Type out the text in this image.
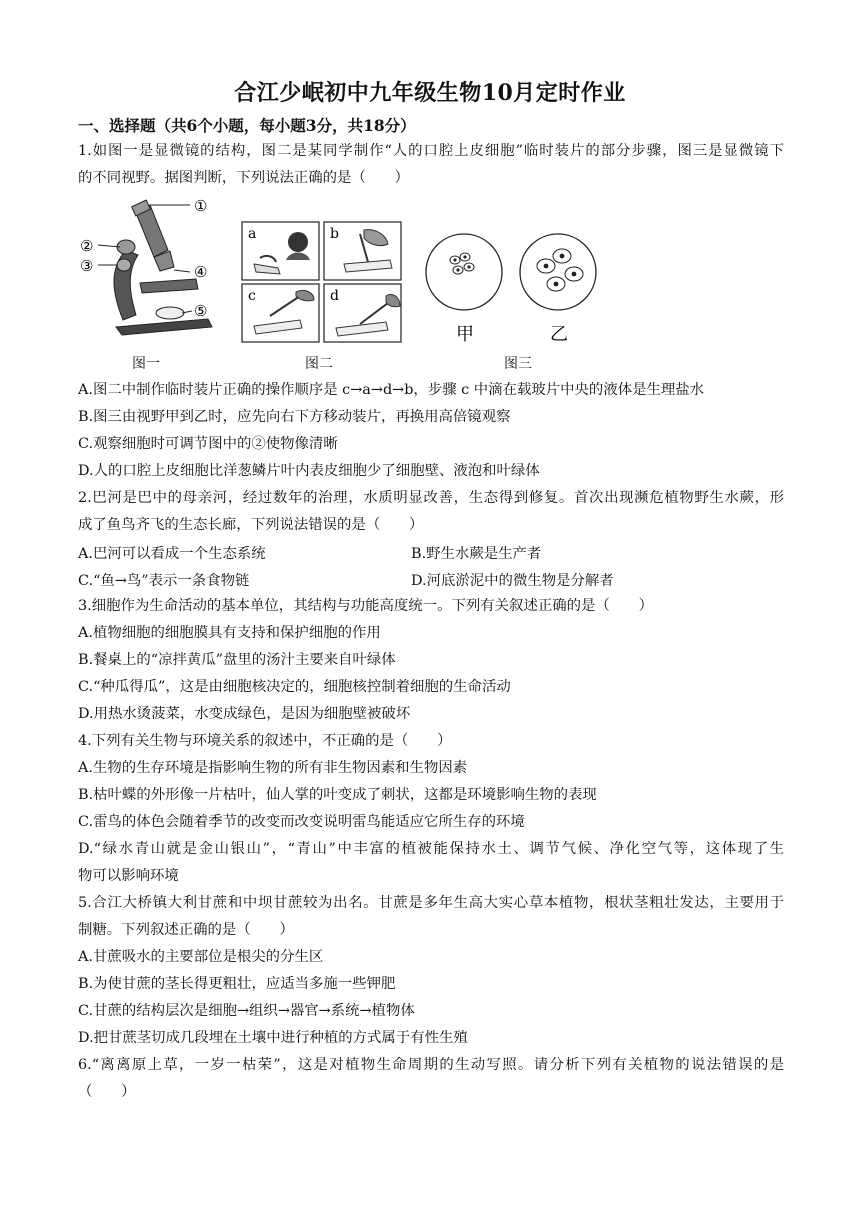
合江少岷初中九年级生物10月定时作业
一、选择题（共6个小题，每小题3分，共18分）
1.如图一是显微镜的结构，图二是某同学制作“人的口腔上皮细胞”临时装片的部分步骤，图三是显微镜下
的不同视野。据图判断，下列说法正确的是（　　）
①
②
③	④
⑤
a	b
c	d
甲	乙
图一	图二	图三
A.图二中制作临时装片正确的操作顺序是 c→a→d→b，步骤 c 中滴在载玻片中央的液体是生理盐水
B.图三由视野甲到乙时，应先向右下方移动装片，再换用高倍镜观察
C.观察细胞时可调节图中的②使物像清晰
D.人的口腔上皮细胞比洋葱鳞片叶内表皮细胞少了细胞壁、液泡和叶绿体
2.巴河是巴中的母亲河，经过数年的治理，水质明显改善，生态得到修复。首次出现濒危植物野生水蕨，形
成了鱼鸟齐飞的生态长廊，下列说法错误的是（　　）
A.巴河可以看成一个生态系统	B.野生水蕨是生产者
C.“鱼→鸟”表示一条食物链	D.河底淤泥中的微生物是分解者
3.细胞作为生命活动的基本单位，其结构与功能高度统一。下列有关叙述正确的是（　　）
A.植物细胞的细胞膜具有支持和保护细胞的作用
B.餐桌上的“凉拌黄瓜”盘里的汤汁主要来自叶绿体
C.“种瓜得瓜”，这是由细胞核决定的，细胞核控制着细胞的生命活动
D.用热水烫菠菜，水变成绿色，是因为细胞壁被破坏
4.下列有关生物与环境关系的叙述中，不正确的是（　　）
A.生物的生存环境是指影响生物的所有非生物因素和生物因素
B.枯叶蝶的外形像一片枯叶，仙人掌的叶变成了刺状，这都是环境影响生物的表现
C.雷鸟的体色会随着季节的改变而改变说明雷鸟能适应它所生存的环境
D.“绿水青山就是金山银山”，“青山”中丰富的植被能保持水土、调节气候、净化空气等，这体现了生
物可以影响环境
5.合江大桥镇大利甘蔗和中坝甘蔗较为出名。甘蔗是多年生高大实心草本植物，根状茎粗壮发达，主要用于
制糖。下列叙述正确的是（　　）
A.甘蔗吸水的主要部位是根尖的分生区
B.为使甘蔗的茎长得更粗壮，应适当多施一些钾肥
C.甘蔗的结构层次是细胞→组织→器官→系统→植物体
D.把甘蔗茎切成几段埋在土壤中进行种植的方式属于有性生殖
6.“离离原上草，一岁一枯荣”，这是对植物生命周期的生动写照。请分析下列有关植物的说法错误的是
（　　）
